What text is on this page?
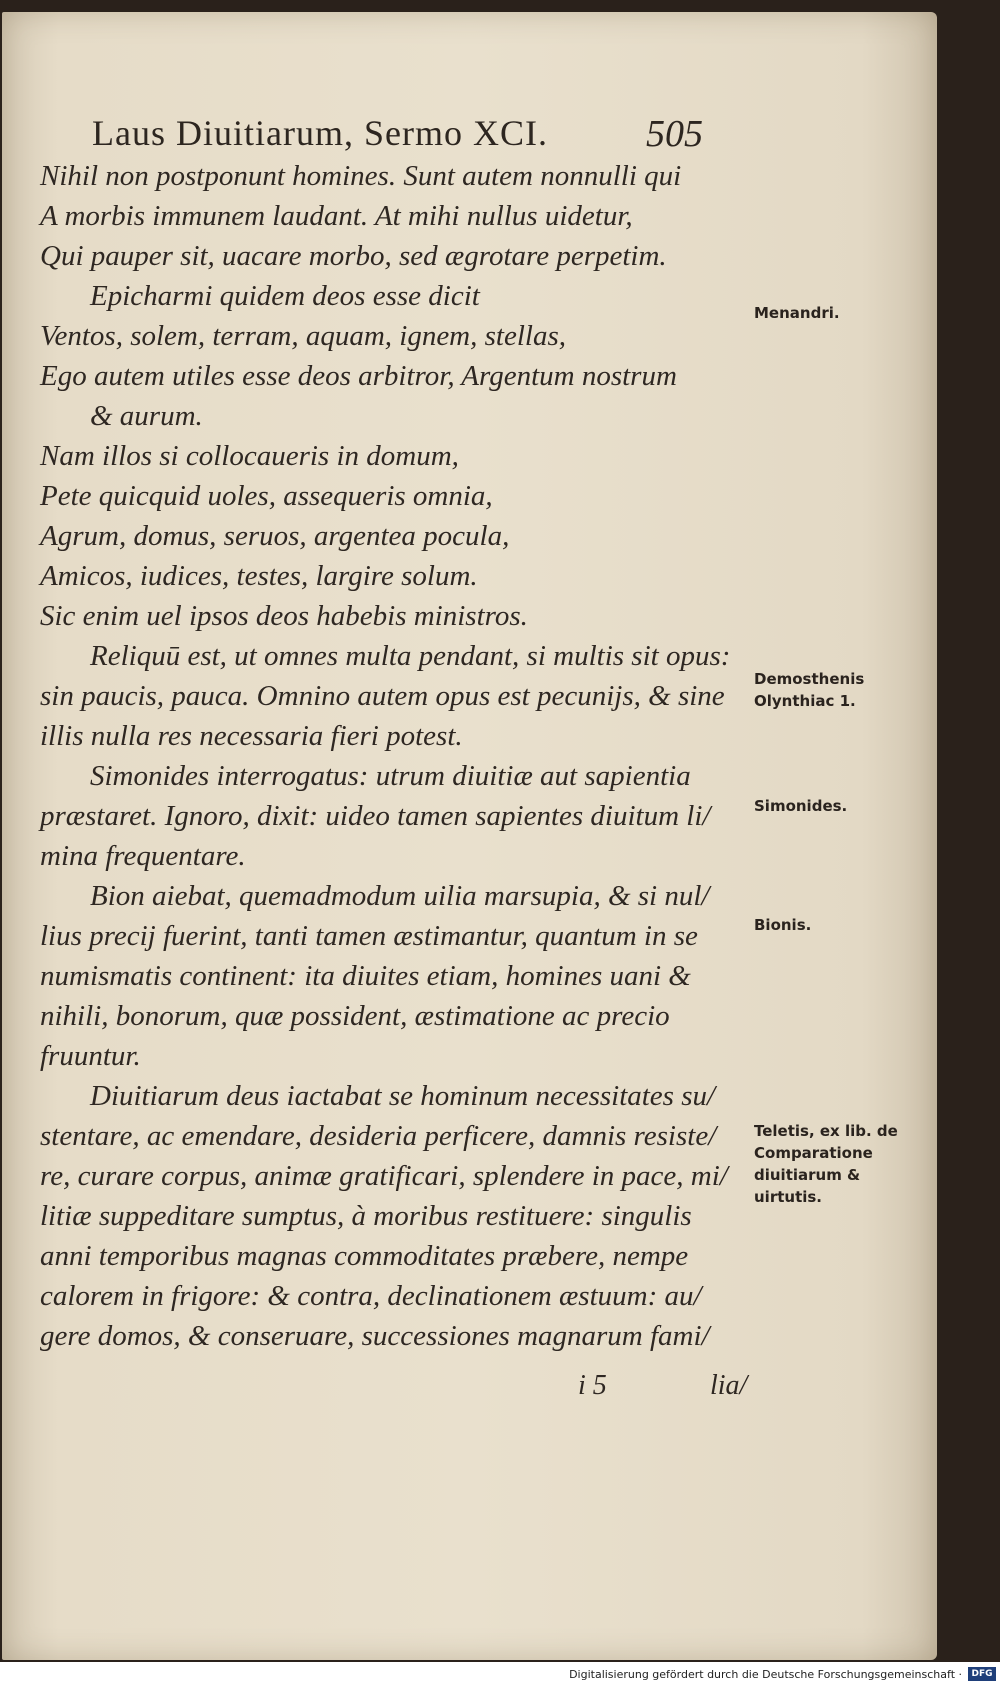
Laus Diuitiarum, Sermo XCI.	505
Nihil non postponunt homines. Sunt autem nonnulli qui
A morbis immunem laudant. At mihi nullus uidetur,
Qui pauper sit, uacare morbo, sed ægrotare perpetim.
Epicharmi quidem deos esse dicit
Ventos, solem, terram, aquam, ignem, stellas,
Ego autem utiles esse deos arbitror, Argentum nostrum
& aurum.
Nam illos si collocaueris in domum,
Pete quicquid uoles, assequeris omnia,
Agrum, domus, seruos, argentea pocula,
Amicos, iudices, testes, largire solum.
Sic enim uel ipsos deos habebis ministros.
Reliquū est, ut omnes multa pendant, si multis sit opus:
sin paucis, pauca. Omnino autem opus est pecunijs, & sine
illis nulla res necessaria fieri potest.
Simonides interrogatus: utrum diuitiæ aut sapientia
præstaret. Ignoro, dixit: uideo tamen sapientes diuitum li/
mina frequentare.
Bion aiebat, quemadmodum uilia marsupia, & si nul/
lius precij fuerint, tanti tamen æstimantur, quantum in se
numismatis continent: ita diuites etiam, homines uani &
nihili, bonorum, quæ possident, æstimatione ac precio
fruuntur.
Diuitiarum deus iactabat se hominum necessitates su/
stentare, ac emendare, desideria perficere, damnis resiste/
re, curare corpus, animæ gratificari, splendere in pace, mi/
litiæ suppeditare sumptus, à moribus restituere: singulis
anni temporibus magnas commoditates præbere, nempe
calorem in frigore: & contra, declinationem æstuum: au/
gere domos, & conseruare, successiones magnarum fami/
Menandri.
Demosthenis Olynthiac 1.
Simonides.
Bionis.
Teletis, ex lib. de Comparatione diuitiarum & uirtutis.
i 5	lia/
Digitalisierung gefördert durch die Deutsche Forschungsgemeinschaft ·	DFG
